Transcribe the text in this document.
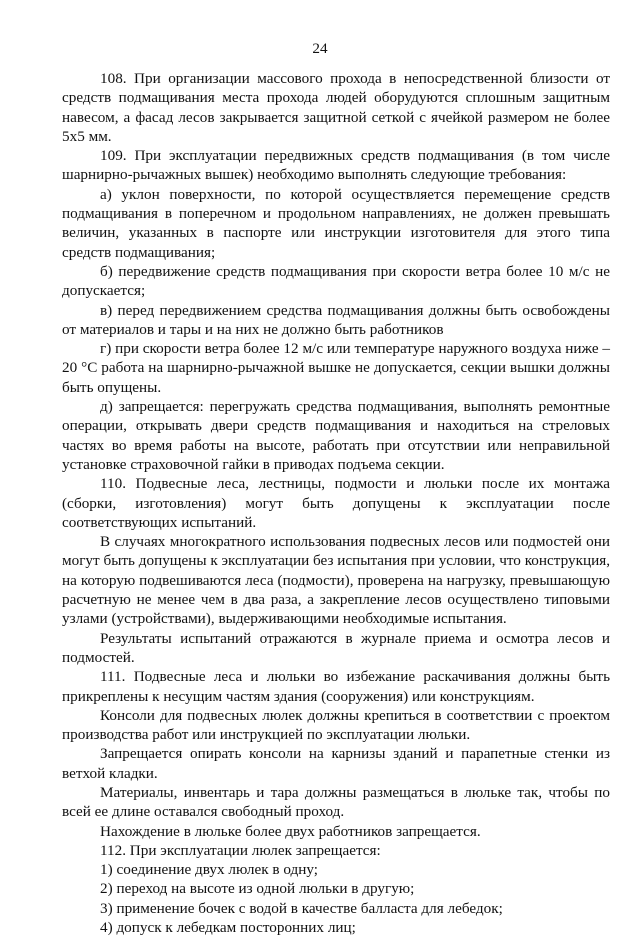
24

108. При организации массового прохода в непосредственной близости от средств подмащивания места прохода людей оборудуются сплошным защитным навесом, а фасад лесов закрывается защитной сеткой с ячейкой размером не более 5х5 мм.

109. При эксплуатации передвижных средств подмащивания (в том числе шарнирно-рычажных вышек) необходимо выполнять следующие требования:

а) уклон поверхности, по которой осуществляется перемещение средств подмащивания в поперечном и продольном направлениях, не должен превышать величин, указанных в паспорте или инструкции изготовителя для этого типа средств подмащивания;

б) передвижение средств подмащивания при скорости ветра более 10 м/с не допускается;

в) перед передвижением средства подмащивания должны быть освобождены от материалов и тары и на них не должно быть работников

г) при скорости ветра более 12 м/с или температуре наружного воздуха ниже – 20 °С работа на шарнирно-рычажной вышке не допускается, секции вышки должны быть опущены.

д) запрещается: перегружать средства подмащивания, выполнять ремонтные операции, открывать двери средств подмащивания и находиться на стреловых частях во время работы на высоте, работать при отсутствии или неправильной установке страховочной гайки в приводах подъема секции.

110. Подвесные леса, лестницы, подмости и люльки после их монтажа (сборки, изготовления) могут быть допущены к эксплуатации после соответствующих испытаний.

В случаях многократного использования подвесных лесов или подмостей они могут быть допущены к эксплуатации без испытания при условии, что конструкция, на которую подвешиваются леса (подмости), проверена на нагрузку, превышающую расчетную не менее чем в два раза, а закрепление лесов осуществлено типовыми узлами (устройствами), выдерживающими необходимые испытания.

Результаты испытаний отражаются в журнале приема и осмотра лесов и подмостей.

111. Подвесные леса и люльки во избежание раскачивания должны быть прикреплены к несущим частям здания (сооружения) или конструкциям.

Консоли для подвесных люлек должны крепиться в соответствии с проектом производства работ или инструкцией по эксплуатации люльки.

Запрещается опирать консоли на карнизы зданий и парапетные стенки из ветхой кладки.

Материалы, инвентарь и тара должны размещаться в люльке так, чтобы по всей ее длине оставался свободный проход.

Нахождение в люльке более двух работников запрещается.

112. При эксплуатации люлек запрещается:

1) соединение двух люлек в одну;

2) переход на высоте из одной люльки в другую;

3) применение бочек с водой в качестве балласта для лебедок;

4) допуск к лебедкам посторонних лиц;
